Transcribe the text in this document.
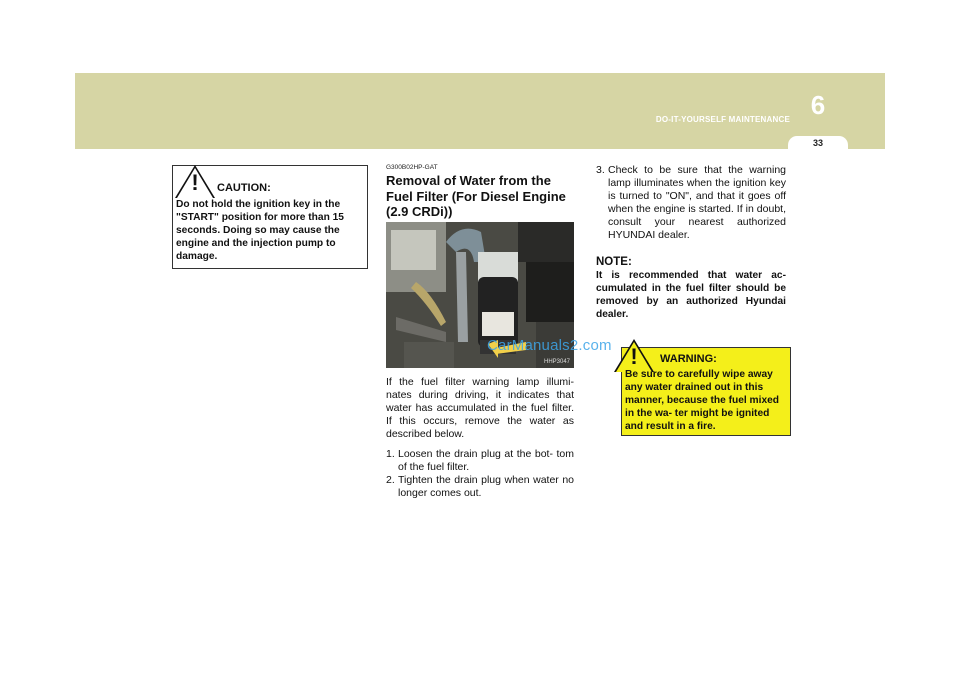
DO-IT-YOURSELF MAINTENANCE 6
33
!	CAUTION:
Do not hold the ignition key in the "START" position for more than 15 seconds. Doing so may cause the engine and the injection pump to damage.
G300B02HP-GAT
Removal of Water from the Fuel Filter (For Diesel Engine (2.9 CRDi))
HHP3047

If the fuel filter warning lamp illumi- nates during driving, it indicates that water has accumulated in the fuel filter. If this occurs, remove the water as described below.

1. Loosen the drain plug at the bot- tom of the fuel filter.
2. Tighten the drain plug when water no longer comes out.
CarManuals2.com
3. Check to be sure that the warning lamp illuminates when the ignition key is turned to "ON", and that it goes off when the engine is started. If in doubt, consult your nearest authorized HYUNDAI dealer.
NOTE:

It is recommended that water ac- cumulated in the fuel filter should be removed by an authorized Hyundai dealer.

!	WARNING:
Be sure to carefully wipe away any water drained out in this manner, because the fuel mixed in the wa- ter might be ignited and result in a fire.
